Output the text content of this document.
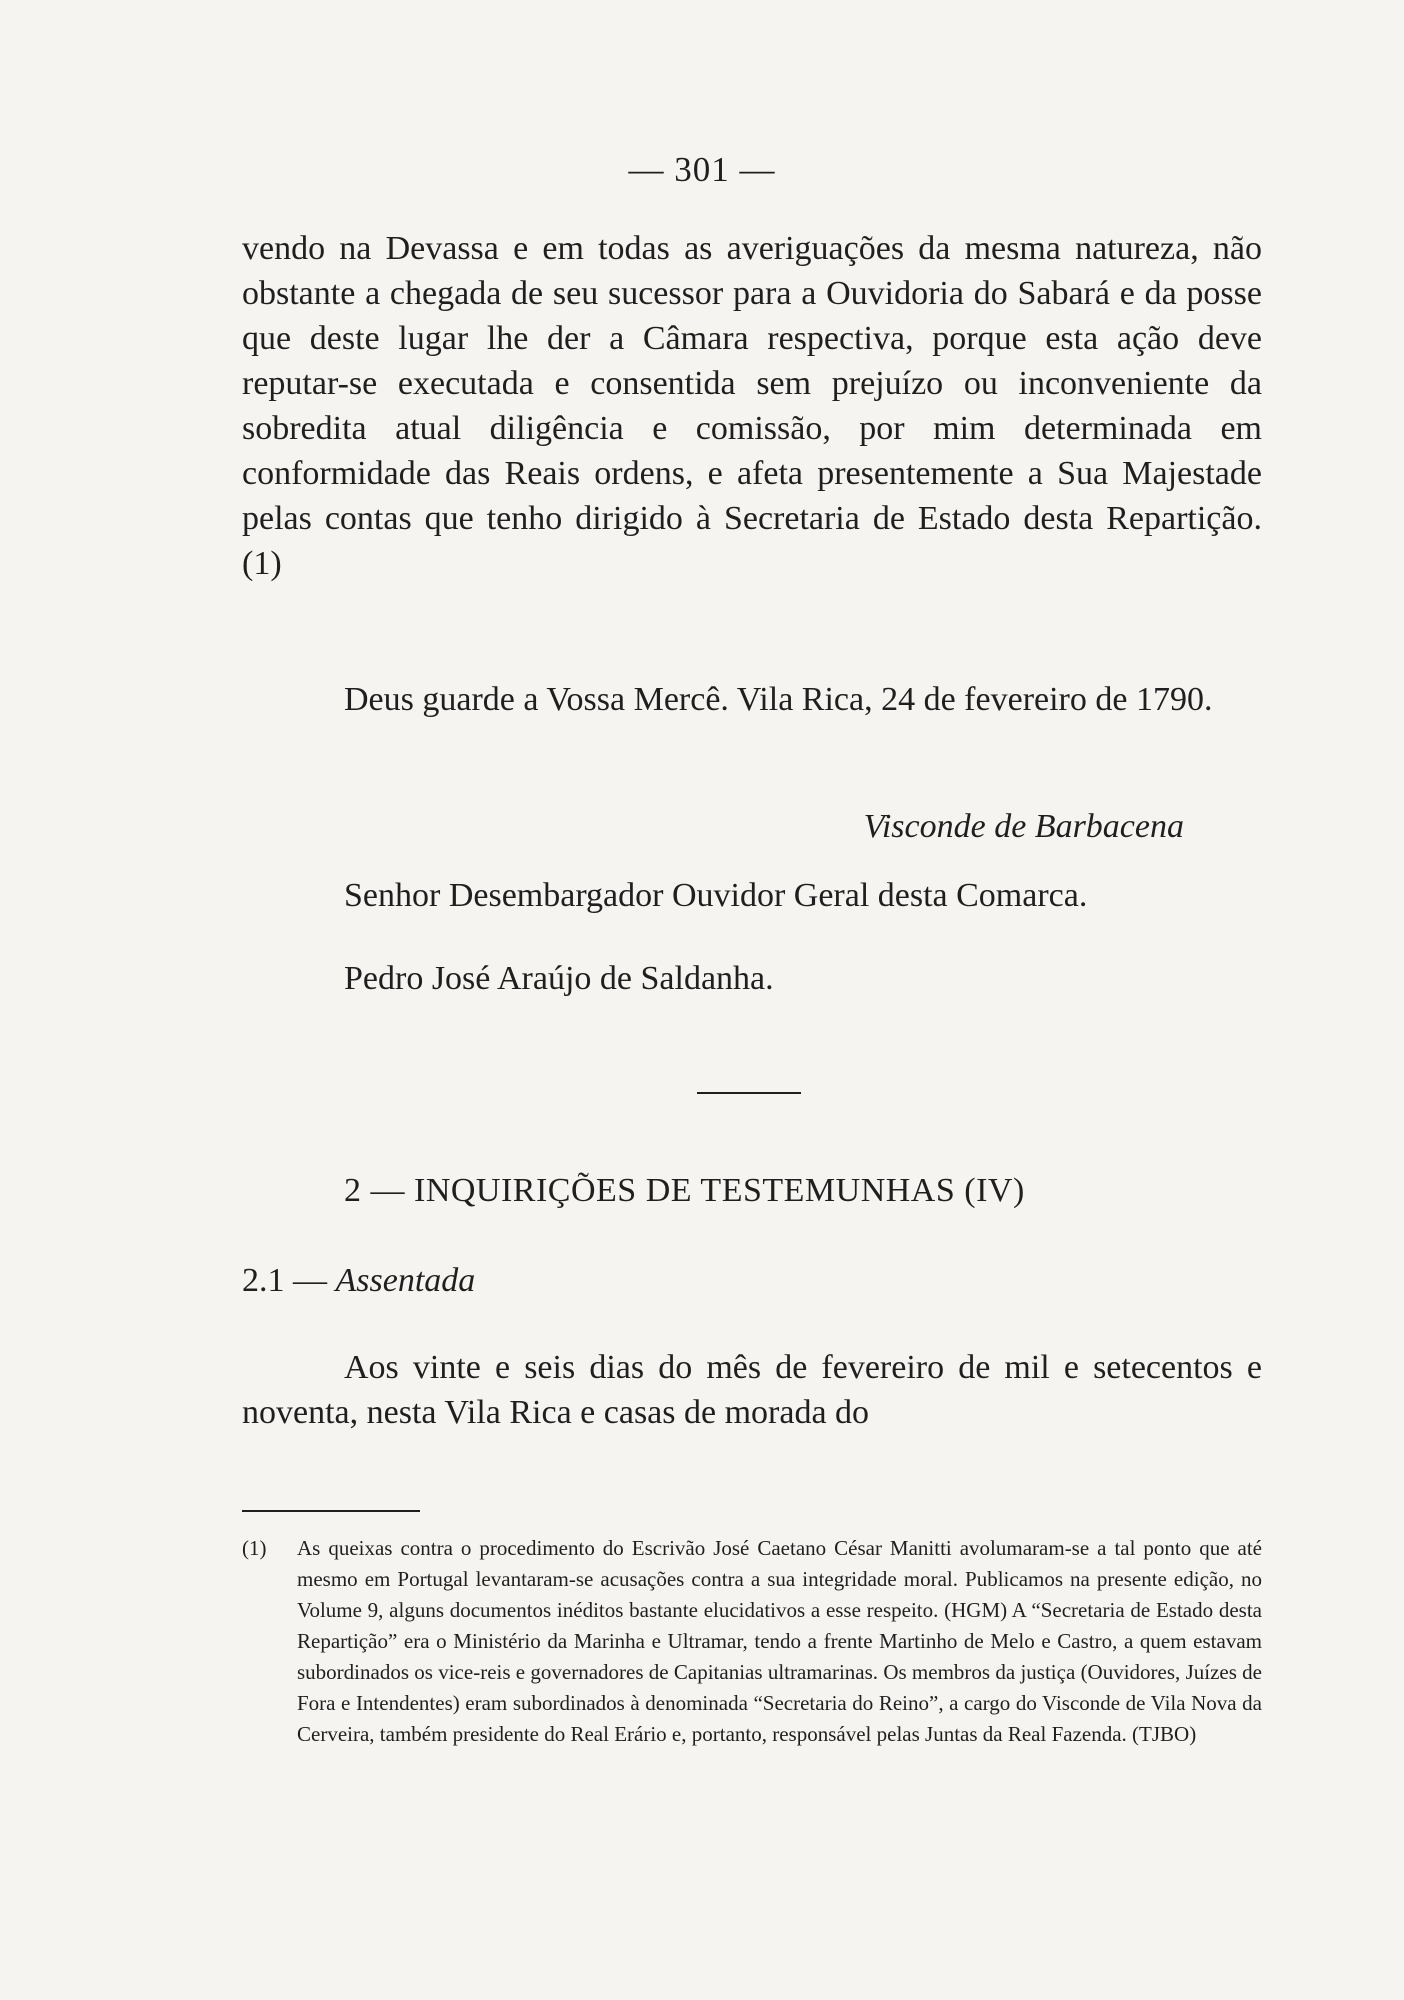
— 301 —

vendo na Devassa e em todas as averiguações da mesma natureza, não obstante a chegada de seu sucessor para a Ouvidoria do Sabará e da posse que deste lugar lhe der a Câmara respectiva, porque esta ação deve reputar-se executada e consentida sem prejuízo ou inconveniente da sobredita atual diligência e comissão, por mim determinada em conformidade das Reais ordens, e afeta presentemente a Sua Majestade pelas contas que tenho dirigido à Secretaria de Estado desta Repartição. (1)

Deus guarde a Vossa Mercê. Vila Rica, 24 de fevereiro de 1790.

Visconde de Barbacena
Senhor Desembargador Ouvidor Geral desta Comarca.
Pedro José Araújo de Saldanha.
2 — INQUIRIÇÕES DE TESTEMUNHAS (IV)
2.1 — Assentada

Aos vinte e seis dias do mês de fevereiro de mil e setecentos e noventa, nesta Vila Rica e casas de morada do

(1) As queixas contra o procedimento do Escrivão José Caetano César Manitti avolumaram-se a tal ponto que até mesmo em Portugal levantaram-se acusações contra a sua integridade moral. Publicamos na presente edição, no Volume 9, alguns documentos inéditos bastante elucidativos a esse respeito. (HGM) A “Secretaria de Estado desta Repartição” era o Ministério da Marinha e Ultramar, tendo a frente Martinho de Melo e Castro, a quem estavam subordinados os vice-reis e governadores de Capitanias ultramarinas. Os membros da justiça (Ouvidores, Juízes de Fora e Intendentes) eram subordinados à denominada “Secretaria do Reino”, a cargo do Visconde de Vila Nova da Cerveira, também presidente do Real Erário e, portanto, responsável pelas Juntas da Real Fazenda. (TJBO)
